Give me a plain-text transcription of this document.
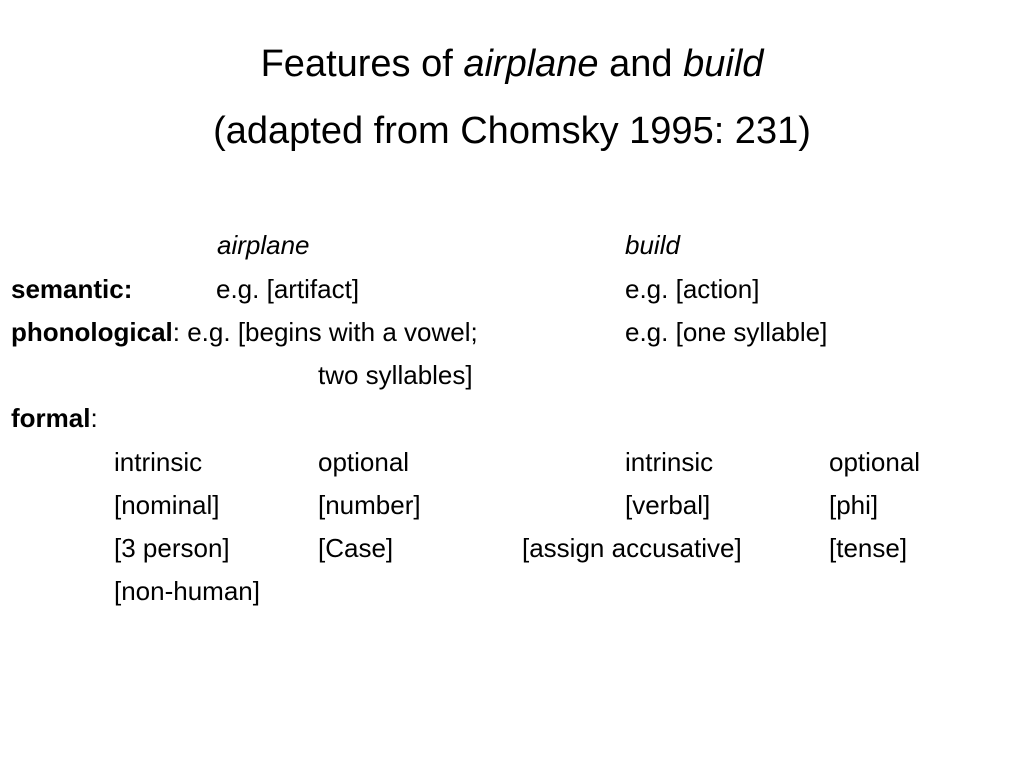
Features of airplane and build
(adapted from Chomsky 1995: 231)
airplane	build
semantic:	e.g. [artifact]	e.g. [action]
phonological: e.g. [begins with a vowel;	e.g. [one syllable]
two syllables]
formal:
intrinsic	optional	intrinsic	optional
[nominal]	[number]	[verbal]	[phi]
[3 person]	[Case]	[assign accusative]	[tense]
[non-human]
